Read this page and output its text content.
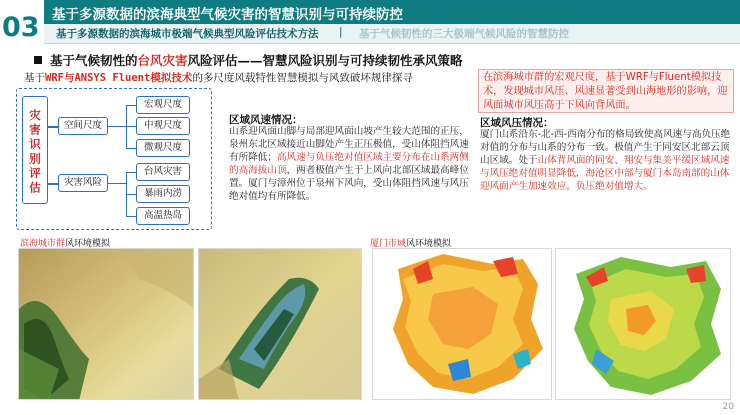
03 基于多源数据的滨海典型气候灾害的智慧识别与可持续防控
基于多源数据的滨海城市极端气候典型风险评估技术方法 | 基于气候韧性的三大极端气候风险的智慧防控
基于气候韧性的台风灾害风险评估——智慧风险识别与可持续韧性承风策略
基于WRF与ANSYS Fluent模拟技术的多尺度风载特性智慧模拟与风致破坏规律探寻
灾害识别评估	空间尺度
灾害风险
宏观尺度
中观尺度
微观尺度
台风灾害
暴雨内涝
高温热岛
在滨海城市群的宏观尺度，基于WRF与Fluent模拟技术，发现城市风压、风速显著受到山海地形的影响，迎风面城市风压高于下风向背风面。
区域风速情况：
山系迎风面山脚与局部迎风面山坡产生较大范围的正压，泉州东北区域接近山脚处产生正压极值，受山体阻挡风速有所降低；高风速与负压绝对值区域主要分布在山系两侧的高海拔山顶，两者极值产生于上风向北部区域最高峰位置。厦门与漳州位于泉州下风向，受山体阻挡风速与风压绝对值均有所降低。
区域风压情况：
厦门山系沿东-北-西-西南分布的格局致使高风速与高负压绝对值的分布与山系的分布一致。极值产生于同安区北部云顶山区域。处于山体背风面的同安、翔安与集美平缓区域风速与风压绝对值明显降低，海沧区中部与厦门本岛南部的山体迎风面产生加速效应，负压绝对值增大。
滨海城市群风环境模拟	厦门市域风环境模拟
20
